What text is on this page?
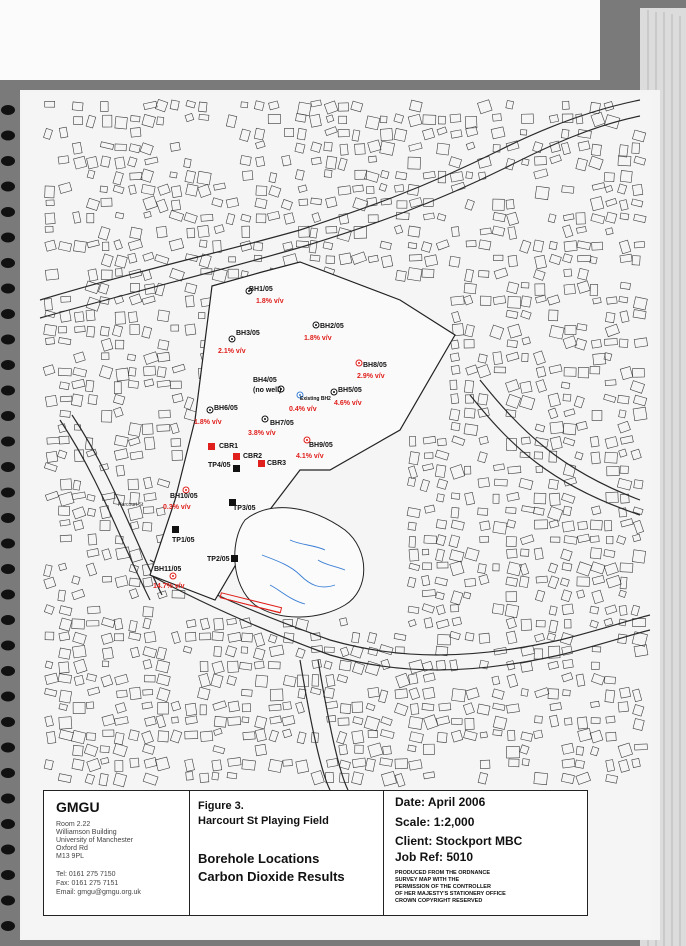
BH1/05
1.8% v/v
BH2/05
1.8% v/v
BH3/05
2.1% v/v
BH4/05
(no well)	BH5/05
4.6% v/v
BH6/05
1.8% v/v	BH7/05
3.8% v/v
BH8/05
2.9% v/v
BH9/05
4.1% v/v
BH10/05
0.3% v/v
BH11/05
14.7% v/v
Existing BH2
0.4% v/v
CBR1
CBR2
CBR3
TP4/05
TP3/05
TP1/05
TP2/05
Harcourt St
GMGU
Room 2.22
Williamson Building
University of Manchester
Oxford Rd
M13 9PL
Tel: 0161 275 7150
Fax: 0161 275 7151
Email: gmgu@gmgu.org.uk
Figure 3.
Harcourt St Playing Field
Borehole Locations
Carbon Dioxide Results
Date: April 2006
Scale: 1:2,000
Client: Stockport MBC
Job Ref: 5010
PRODUCED FROM THE ORDNANCE
SURVEY MAP WITH THE
PERMISSION OF THE CONTROLLER
OF HER MAJESTY'S STATIONERY OFFICE
CROWN COPYRIGHT RESERVED
